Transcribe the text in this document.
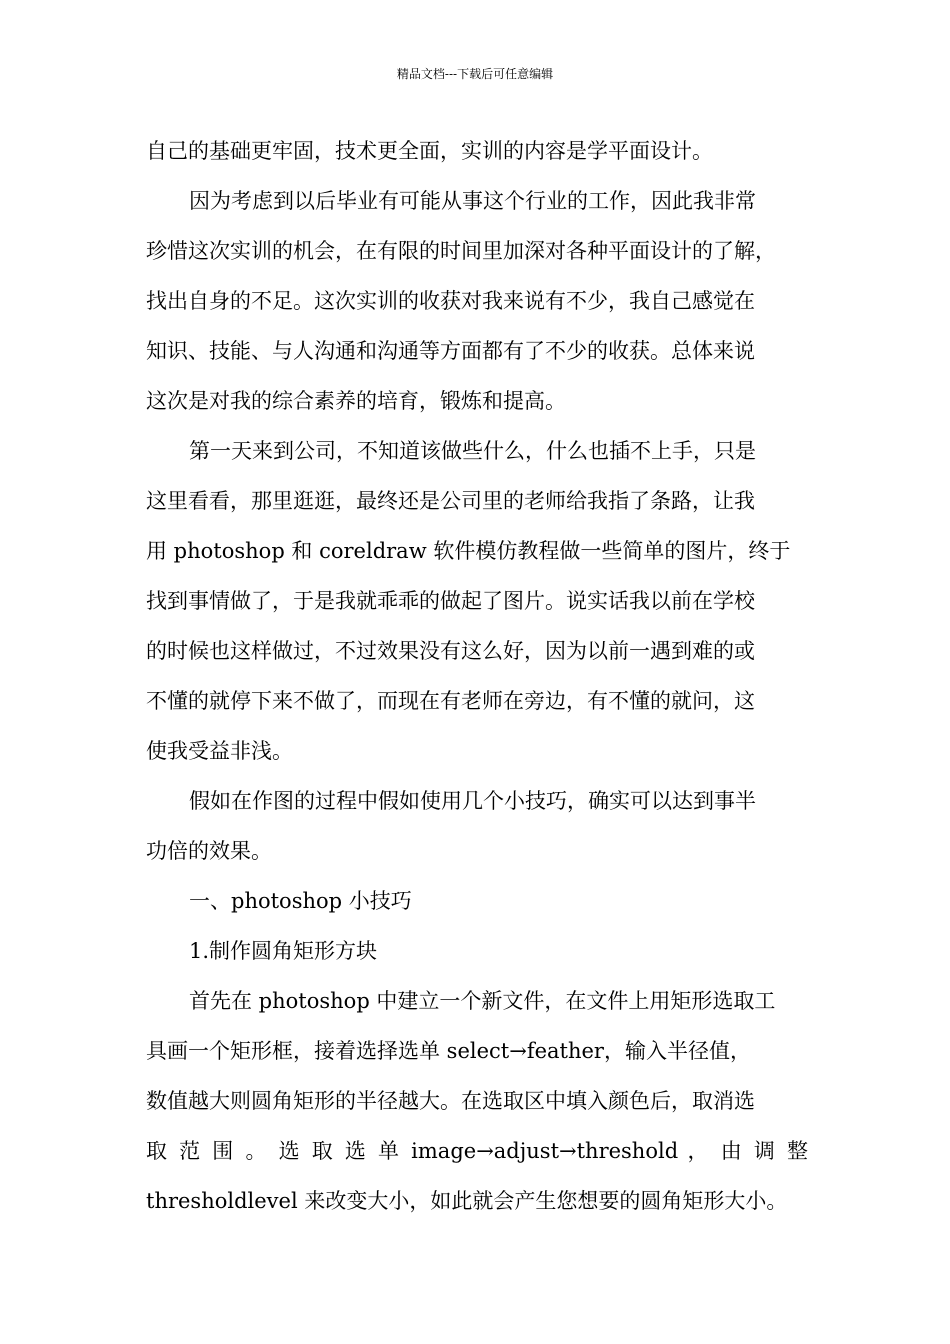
精品文档---下载后可任意编辑
自己的基础更牢固，技术更全面，实训的内容是学平面设计。
因为考虑到以后毕业有可能从事这个行业的工作，因此我非常
珍惜这次实训的机会，在有限的时间里加深对各种平面设计的了解，
找出自身的不足。这次实训的收获对我来说有不少，我自己感觉在
知识、技能、与人沟通和沟通等方面都有了不少的收获。总体来说
这次是对我的综合素养的培育，锻炼和提高。
第一天来到公司，不知道该做些什么，什么也插不上手，只是
这里看看，那里逛逛，最终还是公司里的老师给我指了条路，让我
用 photoshop 和 coreldraw 软件模仿教程做一些简单的图片，终于
找到事情做了，于是我就乖乖的做起了图片。说实话我以前在学校
的时候也这样做过，不过效果没有这么好，因为以前一遇到难的或
不懂的就停下来不做了，而现在有老师在旁边，有不懂的就问，这
使我受益非浅。
假如在作图的过程中假如使用几个小技巧，确实可以达到事半
功倍的效果。
一、photoshop 小技巧
1.制作圆角矩形方块
首先在 photoshop 中建立一个新文件，在文件上用矩形选取工
具画一个矩形框，接着选择选单 select→feather，输入半径值，
数值越大则圆角矩形的半径越大。在选取区中填入颜色后，取消选
取 范 围 。 选 取 选 单 image→adjust→threshold ， 由 调 整
thresholdlevel 来改变大小，如此就会产生您想要的圆角矩形大小。
